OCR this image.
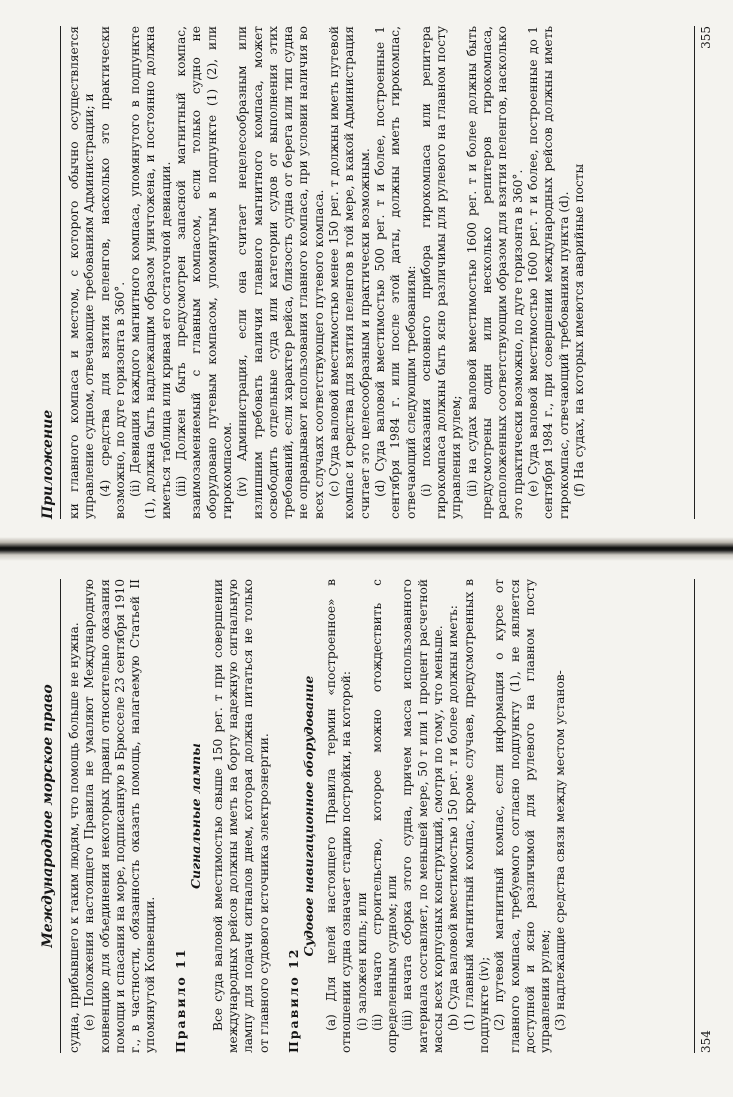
Международное морское право судна, прибывшего к таким людям, что помощь больше не нужна. (е) Положения настоящего Правила не умаляют Международную конвенцию для объединения некоторых правил относительно оказания помощи и спасания на море, подписанную в Брюсселе 23 сентября 1910 г., в частности, обязанность оказать помощь, налагаемую Статьей II упомянутой Конвенции. Правило 11
Сигнальные лампы Все суда валовой вместимостью свыше 150 рег. т при совершении международных рейсов должны иметь на борту надежную сигнальную лампу для подачи сигналов днем, которая должна питаться не только от главного судового источника электроэнергии. Правило 12
Судовое навигационное оборудование (а) Для целей настоящего Правила термин «построенное» в отношении судна означает стадию постройки, на которой: (i) заложен киль; или (ii) начато строительство, которое можно отождествить с определенным судном; или (iii) начата сборка этого судна, причем масса использованного материала составляет, по меньшей мере, 50 т или 1 процент расчетной массы всех корпусных конструкций, смотря по тому, что меньше. (b) Суда валовой вместимостью 150 рег. т и более должны иметь: (1) главный магнитный компас, кроме случаев, предусмотренных в подпункте (iv); (2) путевой магнитный компас, если информация о курсе от главного компаса, требуемого согласно подпункту (1), не является доступной и ясно различимой для рулевого на главном посту управления рулем; (3) надлежащие средства связи между местом установ-

354
Приложение ки главного компаса и местом, с которого обычно осуществляется управление судном, отвечающие требованиям Администрации; и (4) средства для взятия пеленгов, насколько это практически возможно, по дуге горизонта в 360°. (ii) Девиация каждого магнитного компаса, упомянутого в подпункте (1), должна быть надлежащим образом уничтожена, и постоянно должна иметься таблица или кривая его остаточной девиации. (iii) Должен быть предусмотрен запасной магнитный компас, взаимозаменяемый с главным компасом, если только судно не оборудовано путевым компасом, упомянутым в подпункте (1) (2), или гирокомпасом. (iv) Администрация, если она считает нецелесообразным или излишним требовать наличия главного магнитного компаса, может освободить отдельные суда или категории судов от выполнения этих требований, если характер рейса, близость судна от берега или тип судна не оправдывают использования главного компаса, при условии наличия во всех случаях соответствующего путевого компаса. (c) Суда валовой вместимостью менее 150 рег. т должны иметь путевой компас и средства для взятия пеленгов в той мере, в какой Администрация считает это целесообразным и практически возможным. (d) Суда валовой вместимостью 500 рег. т и более, построенные 1 сентября 1984 г. или после этой даты, должны иметь гирокомпас, отвечающий следующим требованиям: (i) показания основного прибора гирокомпаса или репитера гирокомпаса должны быть ясно различимы для рулевого на главном посту управления рулем; (ii) на судах валовой вместимостью 1600 рег. т и более должны быть предусмотрены один или несколько репитеров гирокомпаса, расположенных соответствующим образом для взятия пеленгов, насколько это практически возможно, по дуге горизонта в 360°. (e) Суда валовой вместимостью 1600 рег. т и более, построенные до 1 сентября 1984 г., при совершении международных рейсов должны иметь гирокомпас, отвечающий требованиям пункта (d). (f) На судах, на которых имеются аварийные посты

355
